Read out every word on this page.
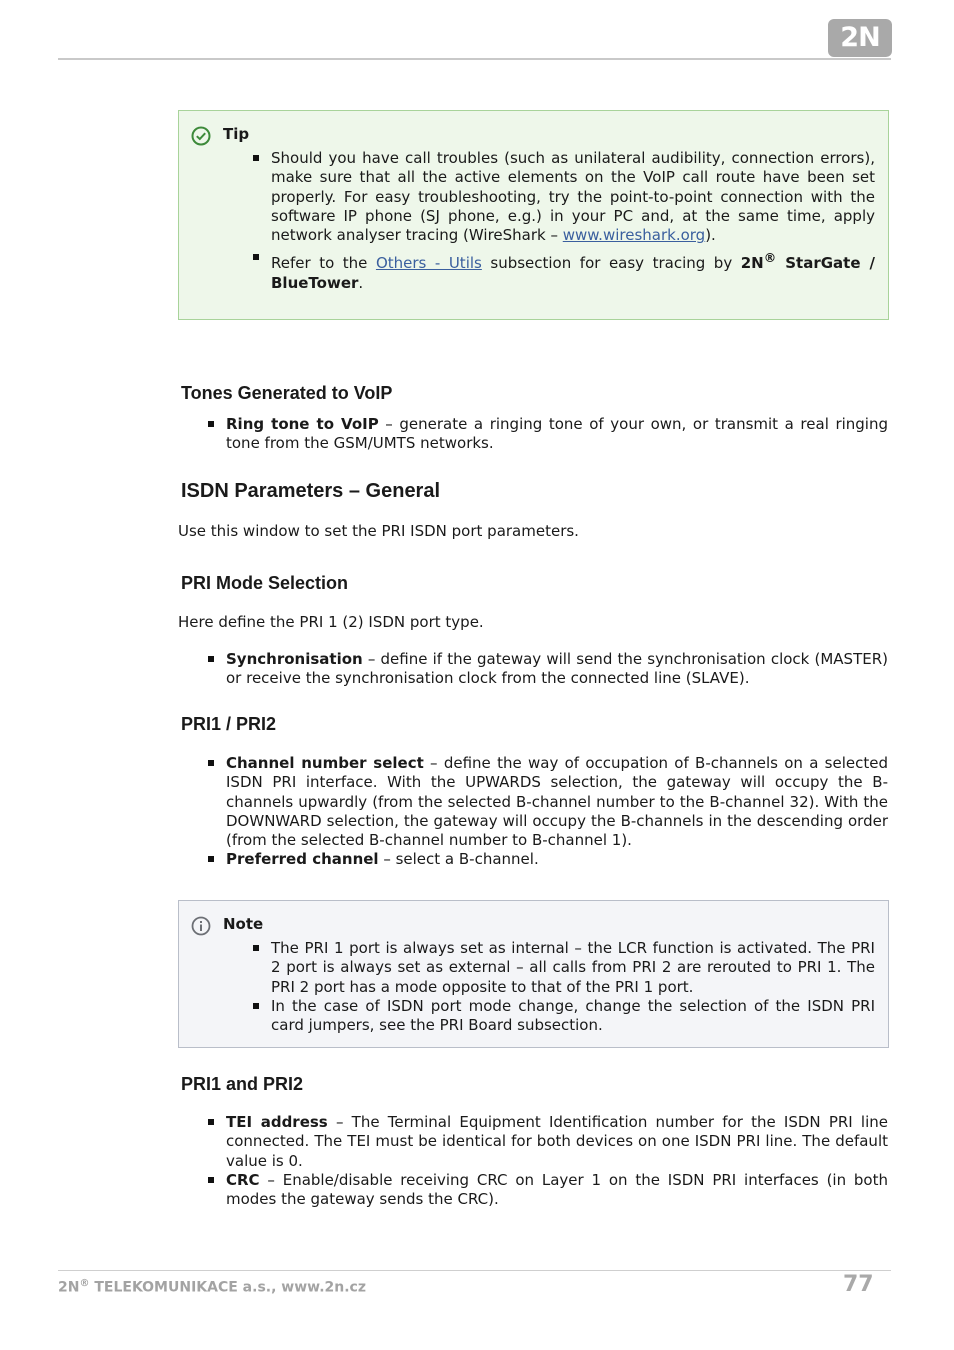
2N
Tip
Should you have call troubles (such as unilateral audibility, connection errors), make sure that all the active elements on the VoIP call route have been set properly. For easy troubleshooting, try the point-to-point connection with the software IP phone (SJ phone, e.g.) in your PC and, at the same time, apply network analyser tracing (WireShark – www.wireshark.org).
Refer to the Others - Utils subsection for easy tracing by 2N® StarGate / BlueTower.
Tones Generated to VoIP
Ring tone to VoIP – generate a ringing tone of your own, or transmit a real ringing tone from the GSM/UMTS networks.
ISDN Parameters – General
Use this window to set the PRI ISDN port parameters.
PRI Mode Selection
Here define the PRI 1 (2) ISDN port type.
Synchronisation – define if the gateway will send the synchronisation clock (MASTER) or receive the synchronisation clock from the connected line (SLAVE).
PRI1 / PRI2
Channel number select – define the way of occupation of B-channels on a selected ISDN PRI interface. With the UPWARDS selection, the gateway will occupy the B-channels upwardly (from the selected B-channel number to the B-channel 32). With the DOWNWARD selection, the gateway will occupy the B-channels in the descending order (from the selected B-channel number to B-channel 1).
Preferred channel – select a B-channel.
Note
The PRI 1 port is always set as internal – the LCR function is activated. The PRI 2 port is always set as external – all calls from PRI 2 are rerouted to PRI 1. The PRI 2 port has a mode opposite to that of the PRI 1 port.
In the case of ISDN port mode change, change the selection of the ISDN PRI card jumpers, see the PRI Board subsection.
PRI1 and PRI2
TEI address – The Terminal Equipment Identification number for the ISDN PRI line connected. The TEI must be identical for both devices on one ISDN PRI line. The default value is 0.
CRC – Enable/disable receiving CRC on Layer 1 on the ISDN PRI interfaces (in both modes the gateway sends the CRC).
2N® TELEKOMUNIKACE a.s., www.2n.cz	77
